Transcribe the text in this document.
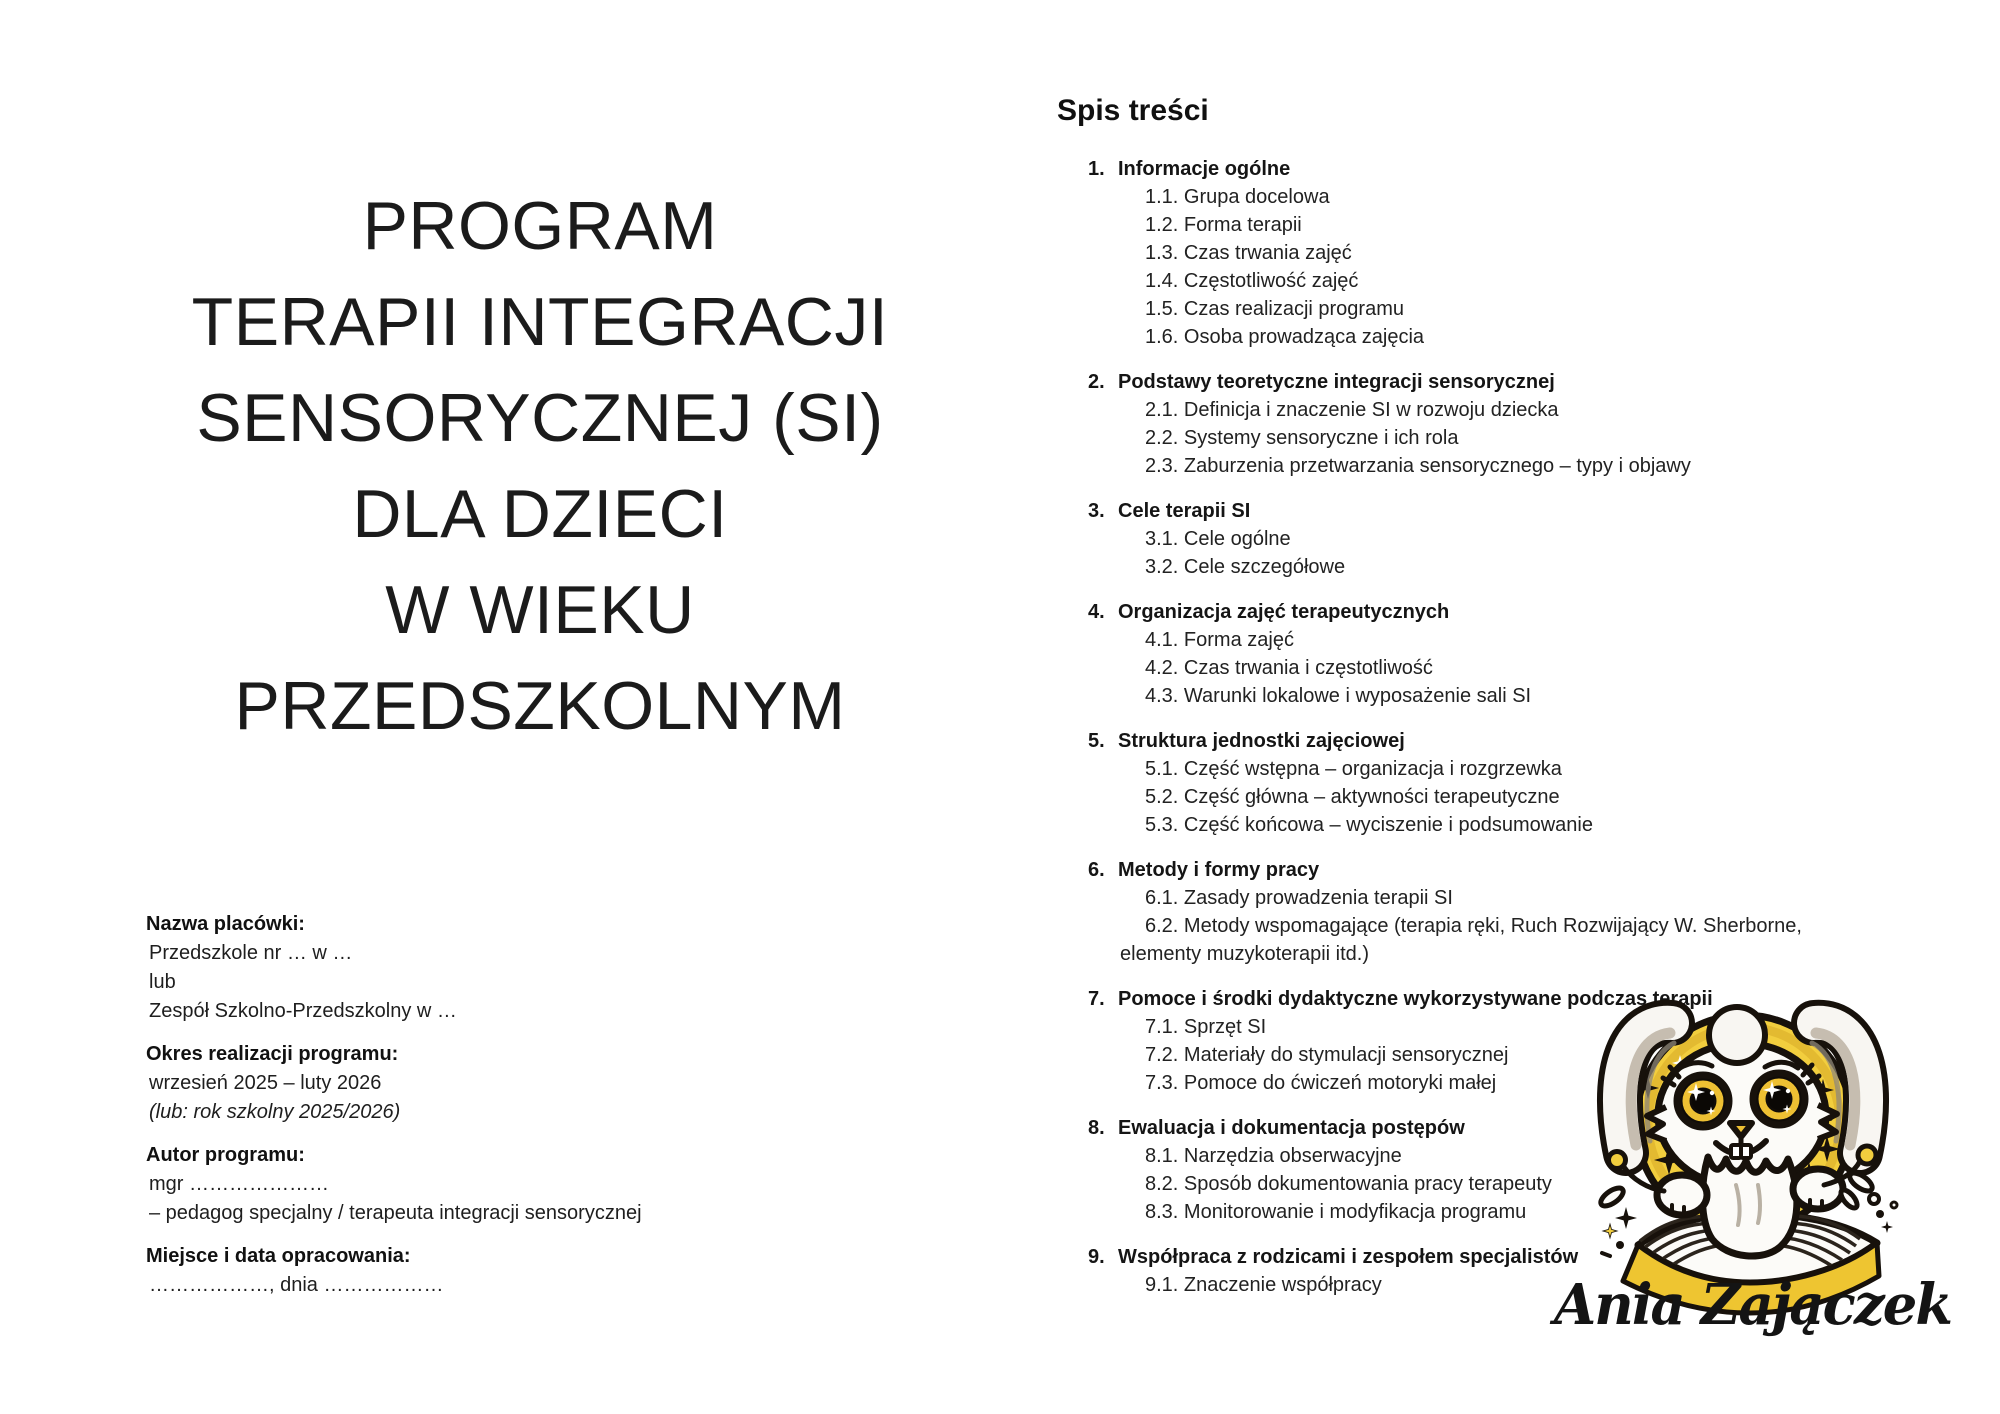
PROGRAM
TERAPII INTEGRACJI
SENSORYCZNEJ (SI)
DLA DZIECI
W WIEKU
PRZEDSZKOLNYM
Nazwa placówki:
Przedszkole nr … w …
lub
Zespół Szkolno-Przedszkolny w …
Okres realizacji programu:
wrzesień 2025 – luty 2026
(lub: rok szkolny 2025/2026)
Autor programu:
mgr …………………
– pedagog specjalny / terapeuta integracji sensorycznej
Miejsce i data opracowania:
………………, dnia ………………
Spis treści
1. Informacje ogólne
1.1. Grupa docelowa
1.2. Forma terapii
1.3. Czas trwania zajęć
1.4. Częstotliwość zajęć
1.5. Czas realizacji programu
1.6. Osoba prowadząca zajęcia
2. Podstawy teoretyczne integracji sensorycznej
2.1. Definicja i znaczenie SI w rozwoju dziecka
2.2. Systemy sensoryczne i ich rola
2.3. Zaburzenia przetwarzania sensorycznego – typy i objawy
3. Cele terapii SI
3.1. Cele ogólne
3.2. Cele szczegółowe
4. Organizacja zajęć terapeutycznych
4.1. Forma zajęć
4.2. Czas trwania i częstotliwość
4.3. Warunki lokalowe i wyposażenie sali SI
5. Struktura jednostki zajęciowej
5.1. Część wstępna – organizacja i rozgrzewka
5.2. Część główna – aktywności terapeutyczne
5.3. Część końcowa – wyciszenie i podsumowanie
6. Metody i formy pracy
6.1. Zasady prowadzenia terapii SI
6.2. Metody wspomagające (terapia ręki, Ruch Rozwijający W. Sherborne,
elementy muzykoterapii itd.)
7. Pomoce i środki dydaktyczne wykorzystywane podczas terapii
7.1. Sprzęt SI
7.2. Materiały do stymulacji sensorycznej
7.3. Pomoce do ćwiczeń motoryki małej
8. Ewaluacja i dokumentacja postępów
8.1. Narzędzia obserwacyjne
8.2. Sposób dokumentowania pracy terapeuty
8.3. Monitorowanie i modyfikacja programu
9. Współpraca z rodzicami i zespołem specjalistów
9.1. Znaczenie współpracy	Ania Zajączek
